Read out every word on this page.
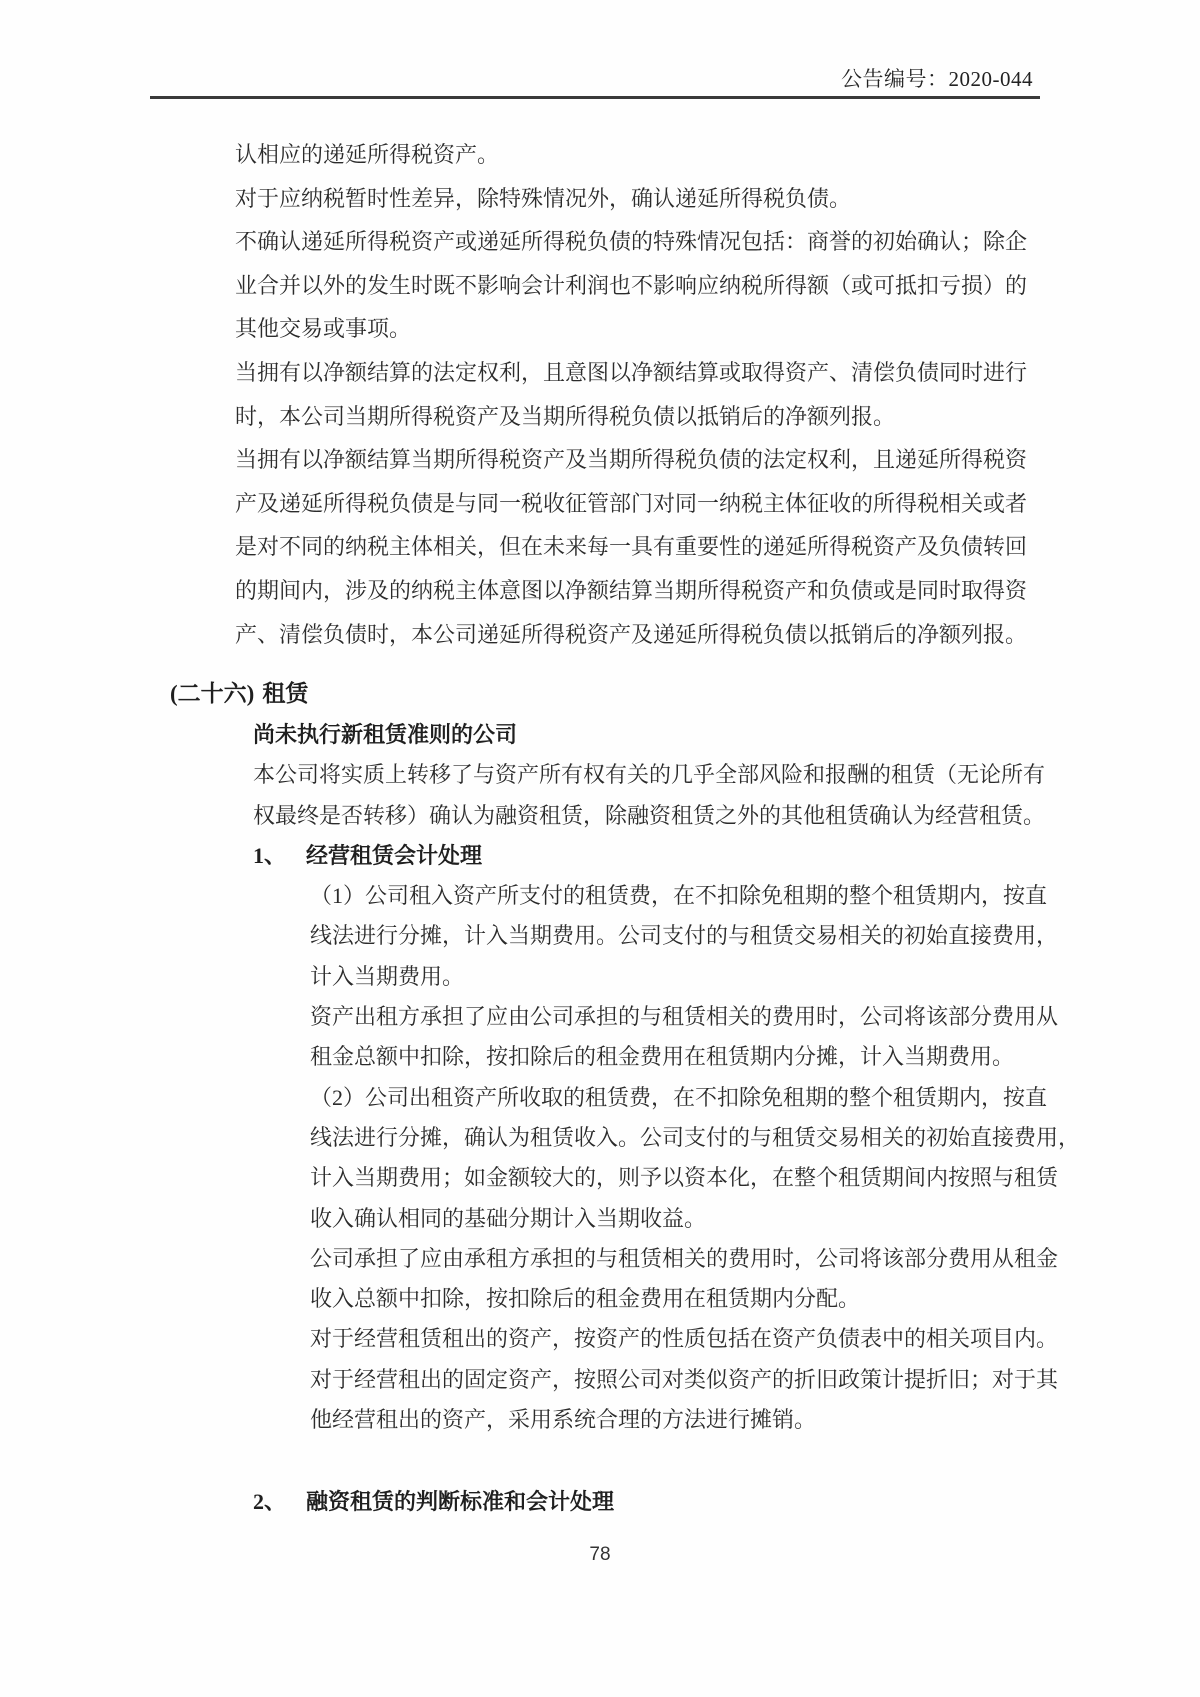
公告编号：2020-044
认相应的递延所得税资产。
对于应纳税暂时性差异，除特殊情况外，确认递延所得税负债。
不确认递延所得税资产或递延所得税负债的特殊情况包括：商誉的初始确认；除企
业合并以外的发生时既不影响会计利润也不影响应纳税所得额（或可抵扣亏损）的
其他交易或事项。
当拥有以净额结算的法定权利，且意图以净额结算或取得资产、清偿负债同时进行
时，本公司当期所得税资产及当期所得税负债以抵销后的净额列报。
当拥有以净额结算当期所得税资产及当期所得税负债的法定权利，且递延所得税资
产及递延所得税负债是与同一税收征管部门对同一纳税主体征收的所得税相关或者
是对不同的纳税主体相关，但在未来每一具有重要性的递延所得税资产及负债转回
的期间内，涉及的纳税主体意图以净额结算当期所得税资产和负债或是同时取得资
产、清偿负债时，本公司递延所得税资产及递延所得税负债以抵销后的净额列报。
(二十六) 租赁
尚未执行新租赁准则的公司
本公司将实质上转移了与资产所有权有关的几乎全部风险和报酬的租赁（无论所有
权最终是否转移）确认为融资租赁，除融资租赁之外的其他租赁确认为经营租赁。
1、 经营租赁会计处理
（1）公司租入资产所支付的租赁费，在不扣除免租期的整个租赁期内，按直
线法进行分摊，计入当期费用。公司支付的与租赁交易相关的初始直接费用，
计入当期费用。
资产出租方承担了应由公司承担的与租赁相关的费用时，公司将该部分费用从
租金总额中扣除，按扣除后的租金费用在租赁期内分摊，计入当期费用。
（2）公司出租资产所收取的租赁费，在不扣除免租期的整个租赁期内，按直
线法进行分摊，确认为租赁收入。公司支付的与租赁交易相关的初始直接费用，
计入当期费用；如金额较大的，则予以资本化，在整个租赁期间内按照与租赁
收入确认相同的基础分期计入当期收益。
公司承担了应由承租方承担的与租赁相关的费用时，公司将该部分费用从租金
收入总额中扣除，按扣除后的租金费用在租赁期内分配。
对于经营租赁租出的资产，按资产的性质包括在资产负债表中的相关项目内。
对于经营租出的固定资产，按照公司对类似资产的折旧政策计提折旧；对于其
他经营租出的资产，采用系统合理的方法进行摊销。
2、 融资租赁的判断标准和会计处理
78
